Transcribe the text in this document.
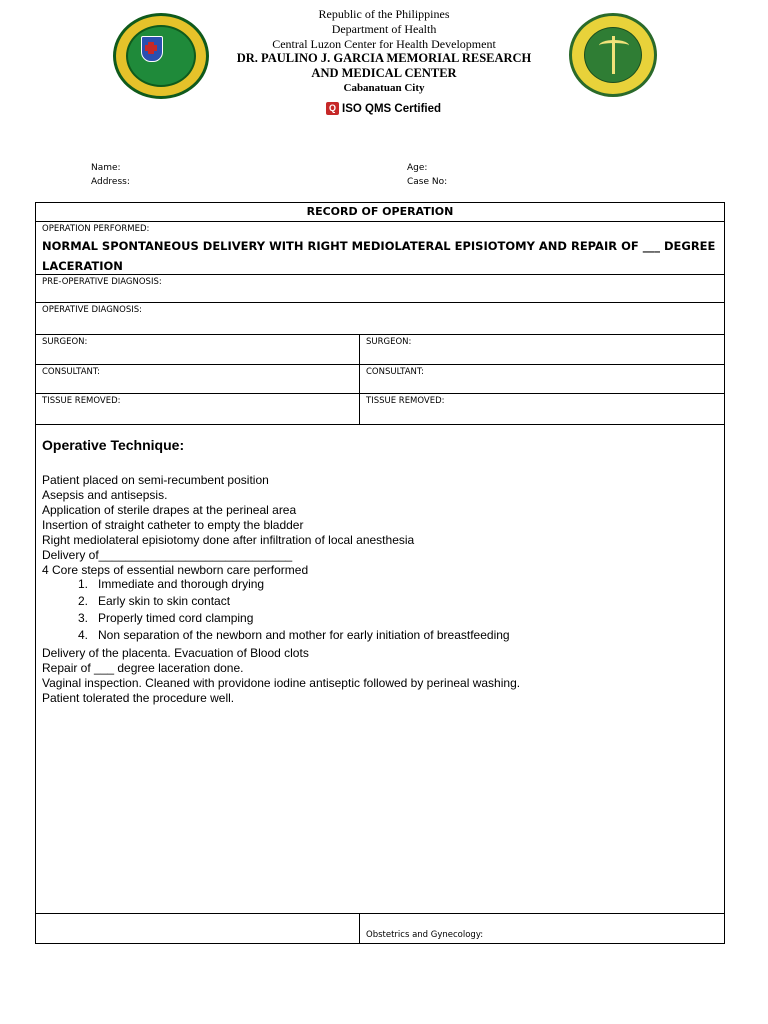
Republic of the Philippines
Department of Health
Central Luzon Center for Health Development
DR. PAULINO J. GARCIA MEMORIAL RESEARCH
AND MEDICAL CENTER
Cabanatuan City
Q ISO QMS Certified
Name:
Address:
Age:
Case No:
RECORD OF OPERATION
OPERATION PERFORMED:
NORMAL SPONTANEOUS DELIVERY WITH RIGHT MEDIOLATERAL EPISIOTOMY AND REPAIR OF ___ DEGREE
LACERATION
PRE-OPERATIVE DIAGNOSIS:
OPERATIVE DIAGNOSIS:
SURGEON:	SURGEON:
CONSULTANT:	CONSULTANT:
TISSUE REMOVED:	TISSUE REMOVED:
Operative Technique:
Patient placed on semi-recumbent position
Asepsis and antisepsis.
Application of sterile drapes at the perineal area
Insertion of straight catheter to empty the bladder
Right mediolateral episiotomy done after infiltration of local anesthesia
Delivery of_____________________________
4 Core steps of essential newborn care performed
1. Immediate and thorough drying
2. Early skin to skin contact
3. Properly timed cord clamping
4. Non separation of the newborn and mother for early initiation of breastfeeding
Delivery of the placenta. Evacuation of Blood clots
Repair of ___ degree laceration done.
Vaginal inspection. Cleaned with providone iodine antiseptic followed by perineal washing.
Patient tolerated the procedure well.
Obstetrics and Gynecology:
